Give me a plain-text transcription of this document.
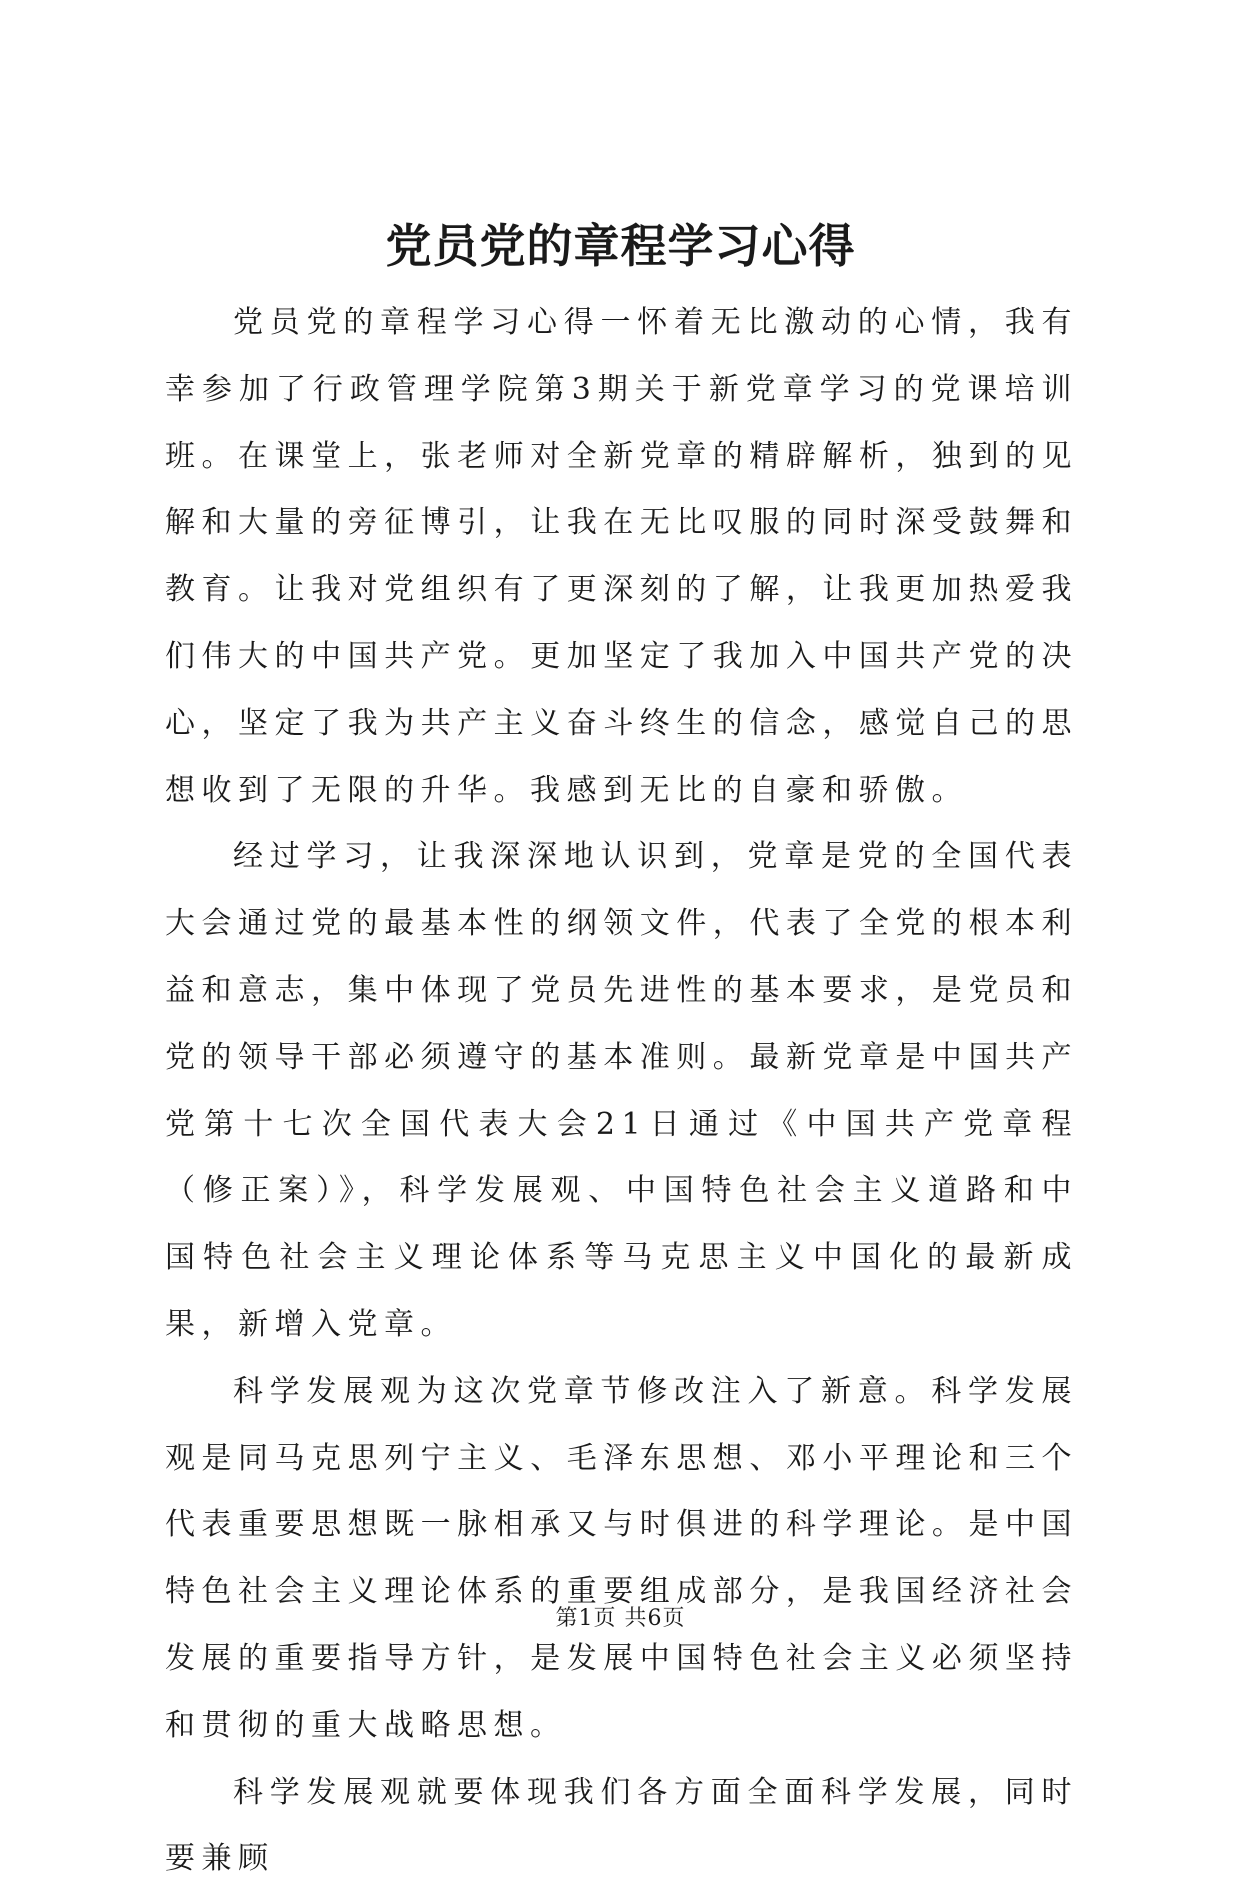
党员党的章程学习心得

党员党的章程学习心得一怀着无比激动的心情，我有幸参加了行政管理学院第3期关于新党章学习的党课培训班。在课堂上，张老师对全新党章的精辟解析，独到的见解和大量的旁征博引，让我在无比叹服的同时深受鼓舞和教育。让我对党组织有了更深刻的了解，让我更加热爱我们伟大的中国共产党。更加坚定了我加入中国共产党的决心，坚定了我为共产主义奋斗终生的信念，感觉自己的思想收到了无限的升华。我感到无比的自豪和骄傲。

经过学习，让我深深地认识到，党章是党的全国代表大会通过党的最基本性的纲领文件，代表了全党的根本利益和意志，集中体现了党员先进性的基本要求，是党员和党的领导干部必须遵守的基本准则。最新党章是中国共产党第十七次全国代表大会21日通过《中国共产党章程（修正案）》，科学发展观、中国特色社会主义道路和中国特色社会主义理论体系等马克思主义中国化的最新成果，新增入党章。

科学发展观为这次党章节修改注入了新意。科学发展观是同马克思列宁主义、毛泽东思想、邓小平理论和三个代表重要思想既一脉相承又与时俱进的科学理论。是中国特色社会主义理论体系的重要组成部分，是我国经济社会发展的重要指导方针，是发展中国特色社会主义必须坚持和贯彻的重大战略思想。

科学发展观就要体现我们各方面全面科学发展，同时要兼顾

第1页 共6页
